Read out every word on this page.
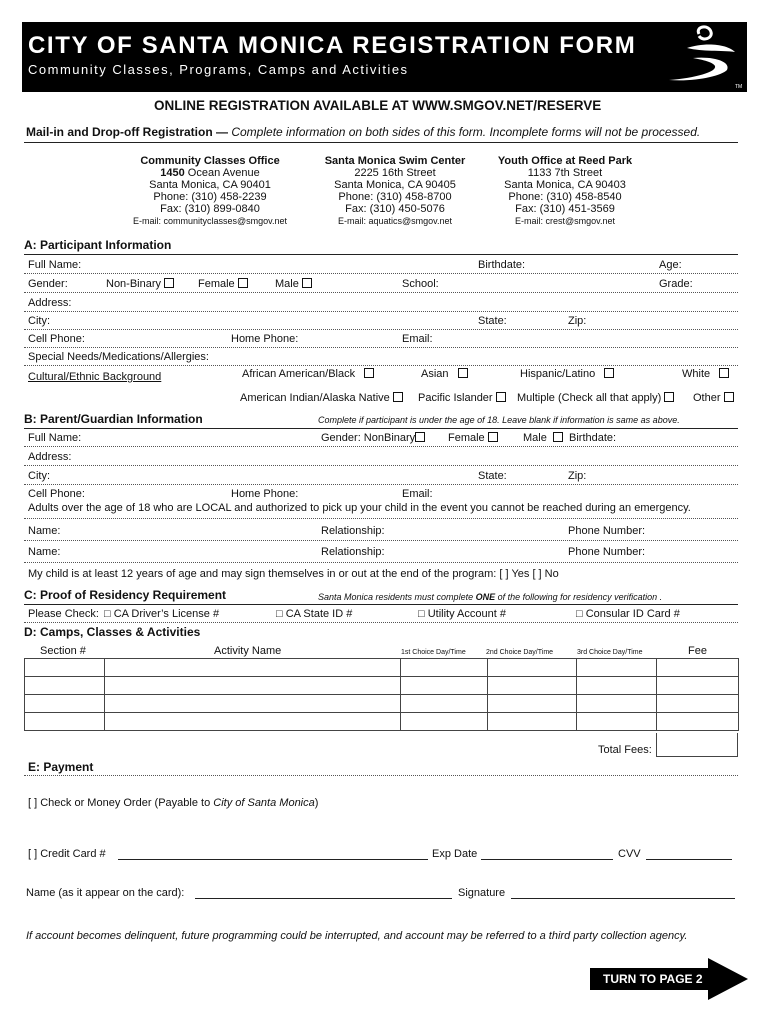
CITY OF SANTA MONICA REGISTRATION FORM
Community Classes, Programs, Camps and Activities
TM
ONLINE REGISTRATION AVAILABLE AT WWW.SMGOV.NET/RESERVE
Mail-in and Drop-off Registration — Complete information on both sides of this form. Incomplete forms will not be processed.
Community Classes Office
1450 Ocean Avenue
Santa Monica, CA 90401
Phone: (310) 458-2239
Fax: (310) 899-0840
E-mail: communityclasses@smgov.net
Santa Monica Swim Center
2225 16th Street
Santa Monica, CA 90405
Phone: (310) 458-8700
Fax: (310) 450-5076
E-mail: aquatics@smgov.net
Youth Office at Reed Park
1133 7th Street
Santa Monica, CA 90403
Phone: (310) 458-8540
Fax: (310) 451-3569
E-mail: crest@smgov.net
A: Participant Information
Full Name:	Birthdate:	Age:
Gender:	Non-Binary	Female	Male	School:	Grade:
Address:
City:	State:	Zip:
Cell Phone:	Home Phone:	Email:
Special Needs/Medications/Allergies:
Cultural/Ethnic Background	African American/Black	Asian	Hispanic/Latino	White
American Indian/Alaska Native	Pacific Islander	Multiple (Check all that apply)	Other
B: Parent/Guardian Information	Complete if participant is under the age of 18. Leave blank if information is same as above.
Full Name:	Gender: NonBinary	Female	Male	Birthdate:
Address:
City:	State:	Zip:
Cell Phone:	Home Phone:	Email:
Adults over the age of 18 who are LOCAL and authorized to pick up your child in the event you cannot be reached during an emergency.
Name:	Relationship:	Phone Number:
Name:	Relationship:	Phone Number:
My child is at least 12 years of age and may sign themselves in or out at the end of the program: [ ] Yes [ ] No
C: Proof of Residency Requirement	Santa Monica residents must complete ONE of the following for residency verification .
Please Check: □ CA Driver’s License #	□ CA State ID #	□ Utility Account #	□ Consular ID Card #
D: Camps, Classes & Activities
Section #	Activity Name	1st Choice Day/Time	2nd Choice Day/Time	3rd Choice Day/Time	Fee

Total Fees:
E: Payment
[ ] Check or Money Order (Payable to City of Santa Monica)
[ ] Credit Card #	Exp Date	CVV
Name (as it appear on the card):	Signature
If account becomes delinquent, future programming could be interrupted, and account may be referred to a third party collection agency.
TURN TO PAGE 2
